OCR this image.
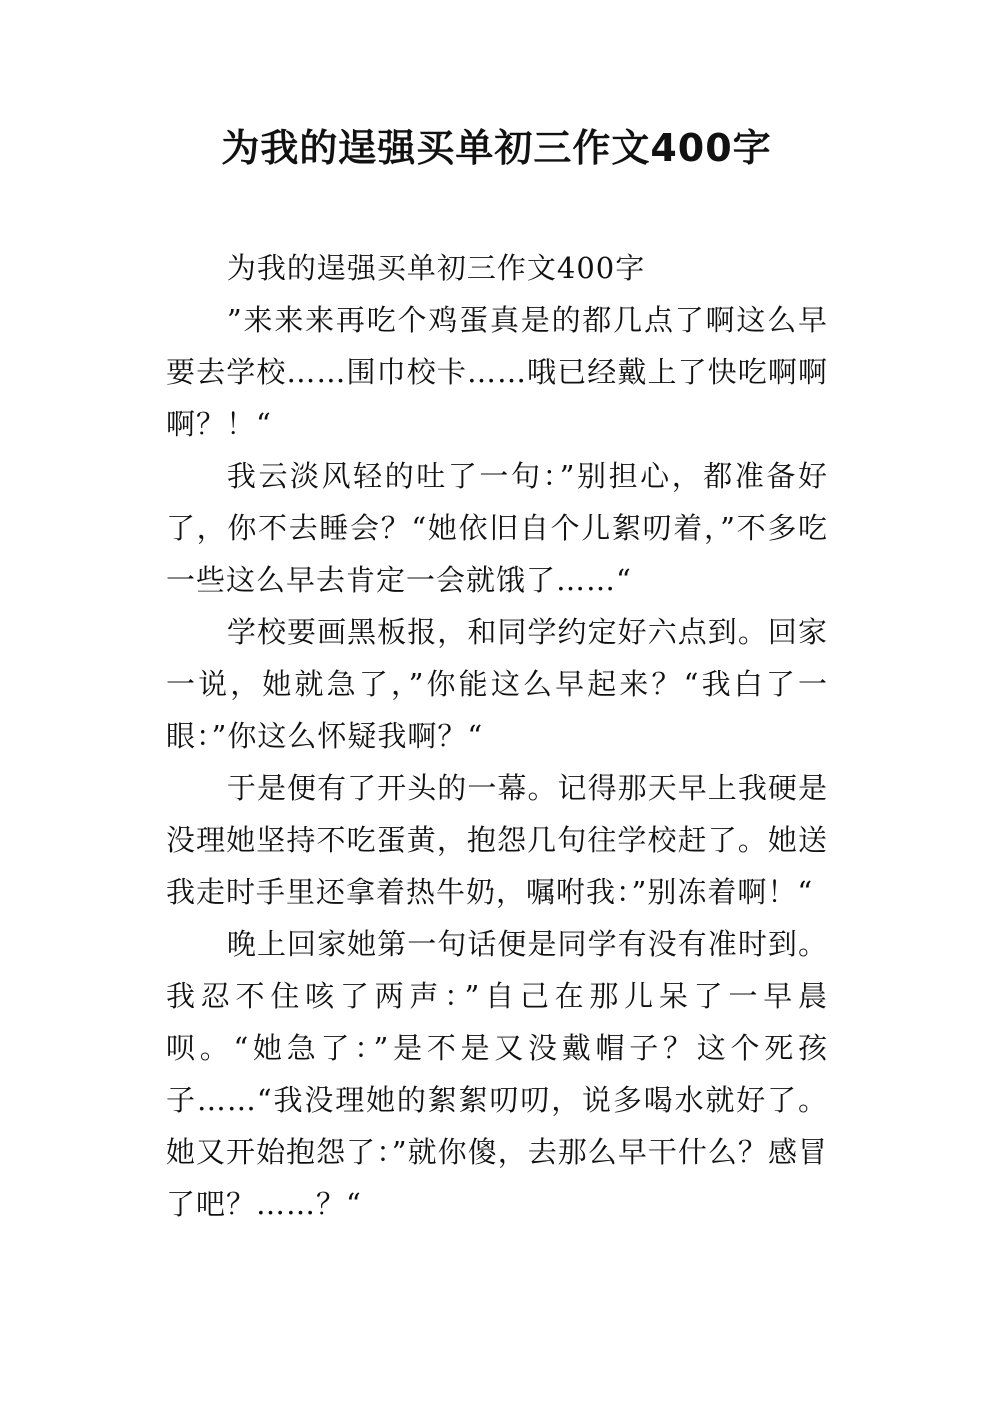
为我的逞强买单初三作文400字

为我的逞强买单初三作文400字

”来来来再吃个鸡蛋真是的都几点了啊这么早要去学校……围巾校卡……哦已经戴上了快吃啊啊啊？！“

我云淡风轻的吐了一句：”别担心，都准备好了，你不去睡会？“她依旧自个儿絮叨着，”不多吃一些这么早去肯定一会就饿了……“

学校要画黑板报，和同学约定好六点到。回家一说，她就急了，”你能这么早起来？“我白了一眼：”你这么怀疑我啊？“

于是便有了开头的一幕。记得那天早上我硬是没理她坚持不吃蛋黄，抱怨几句往学校赶了。她送我走时手里还拿着热牛奶，嘱咐我：”别冻着啊！“

晚上回家她第一句话便是同学有没有准时到。我忍不住咳了两声：”自己在那儿呆了一早晨呗。“她急了：”是不是又没戴帽子？这个死孩子……“我没理她的絮絮叨叨，说多喝水就好了。她又开始抱怨了：”就你傻，去那么早干什么？感冒了吧？……？“
